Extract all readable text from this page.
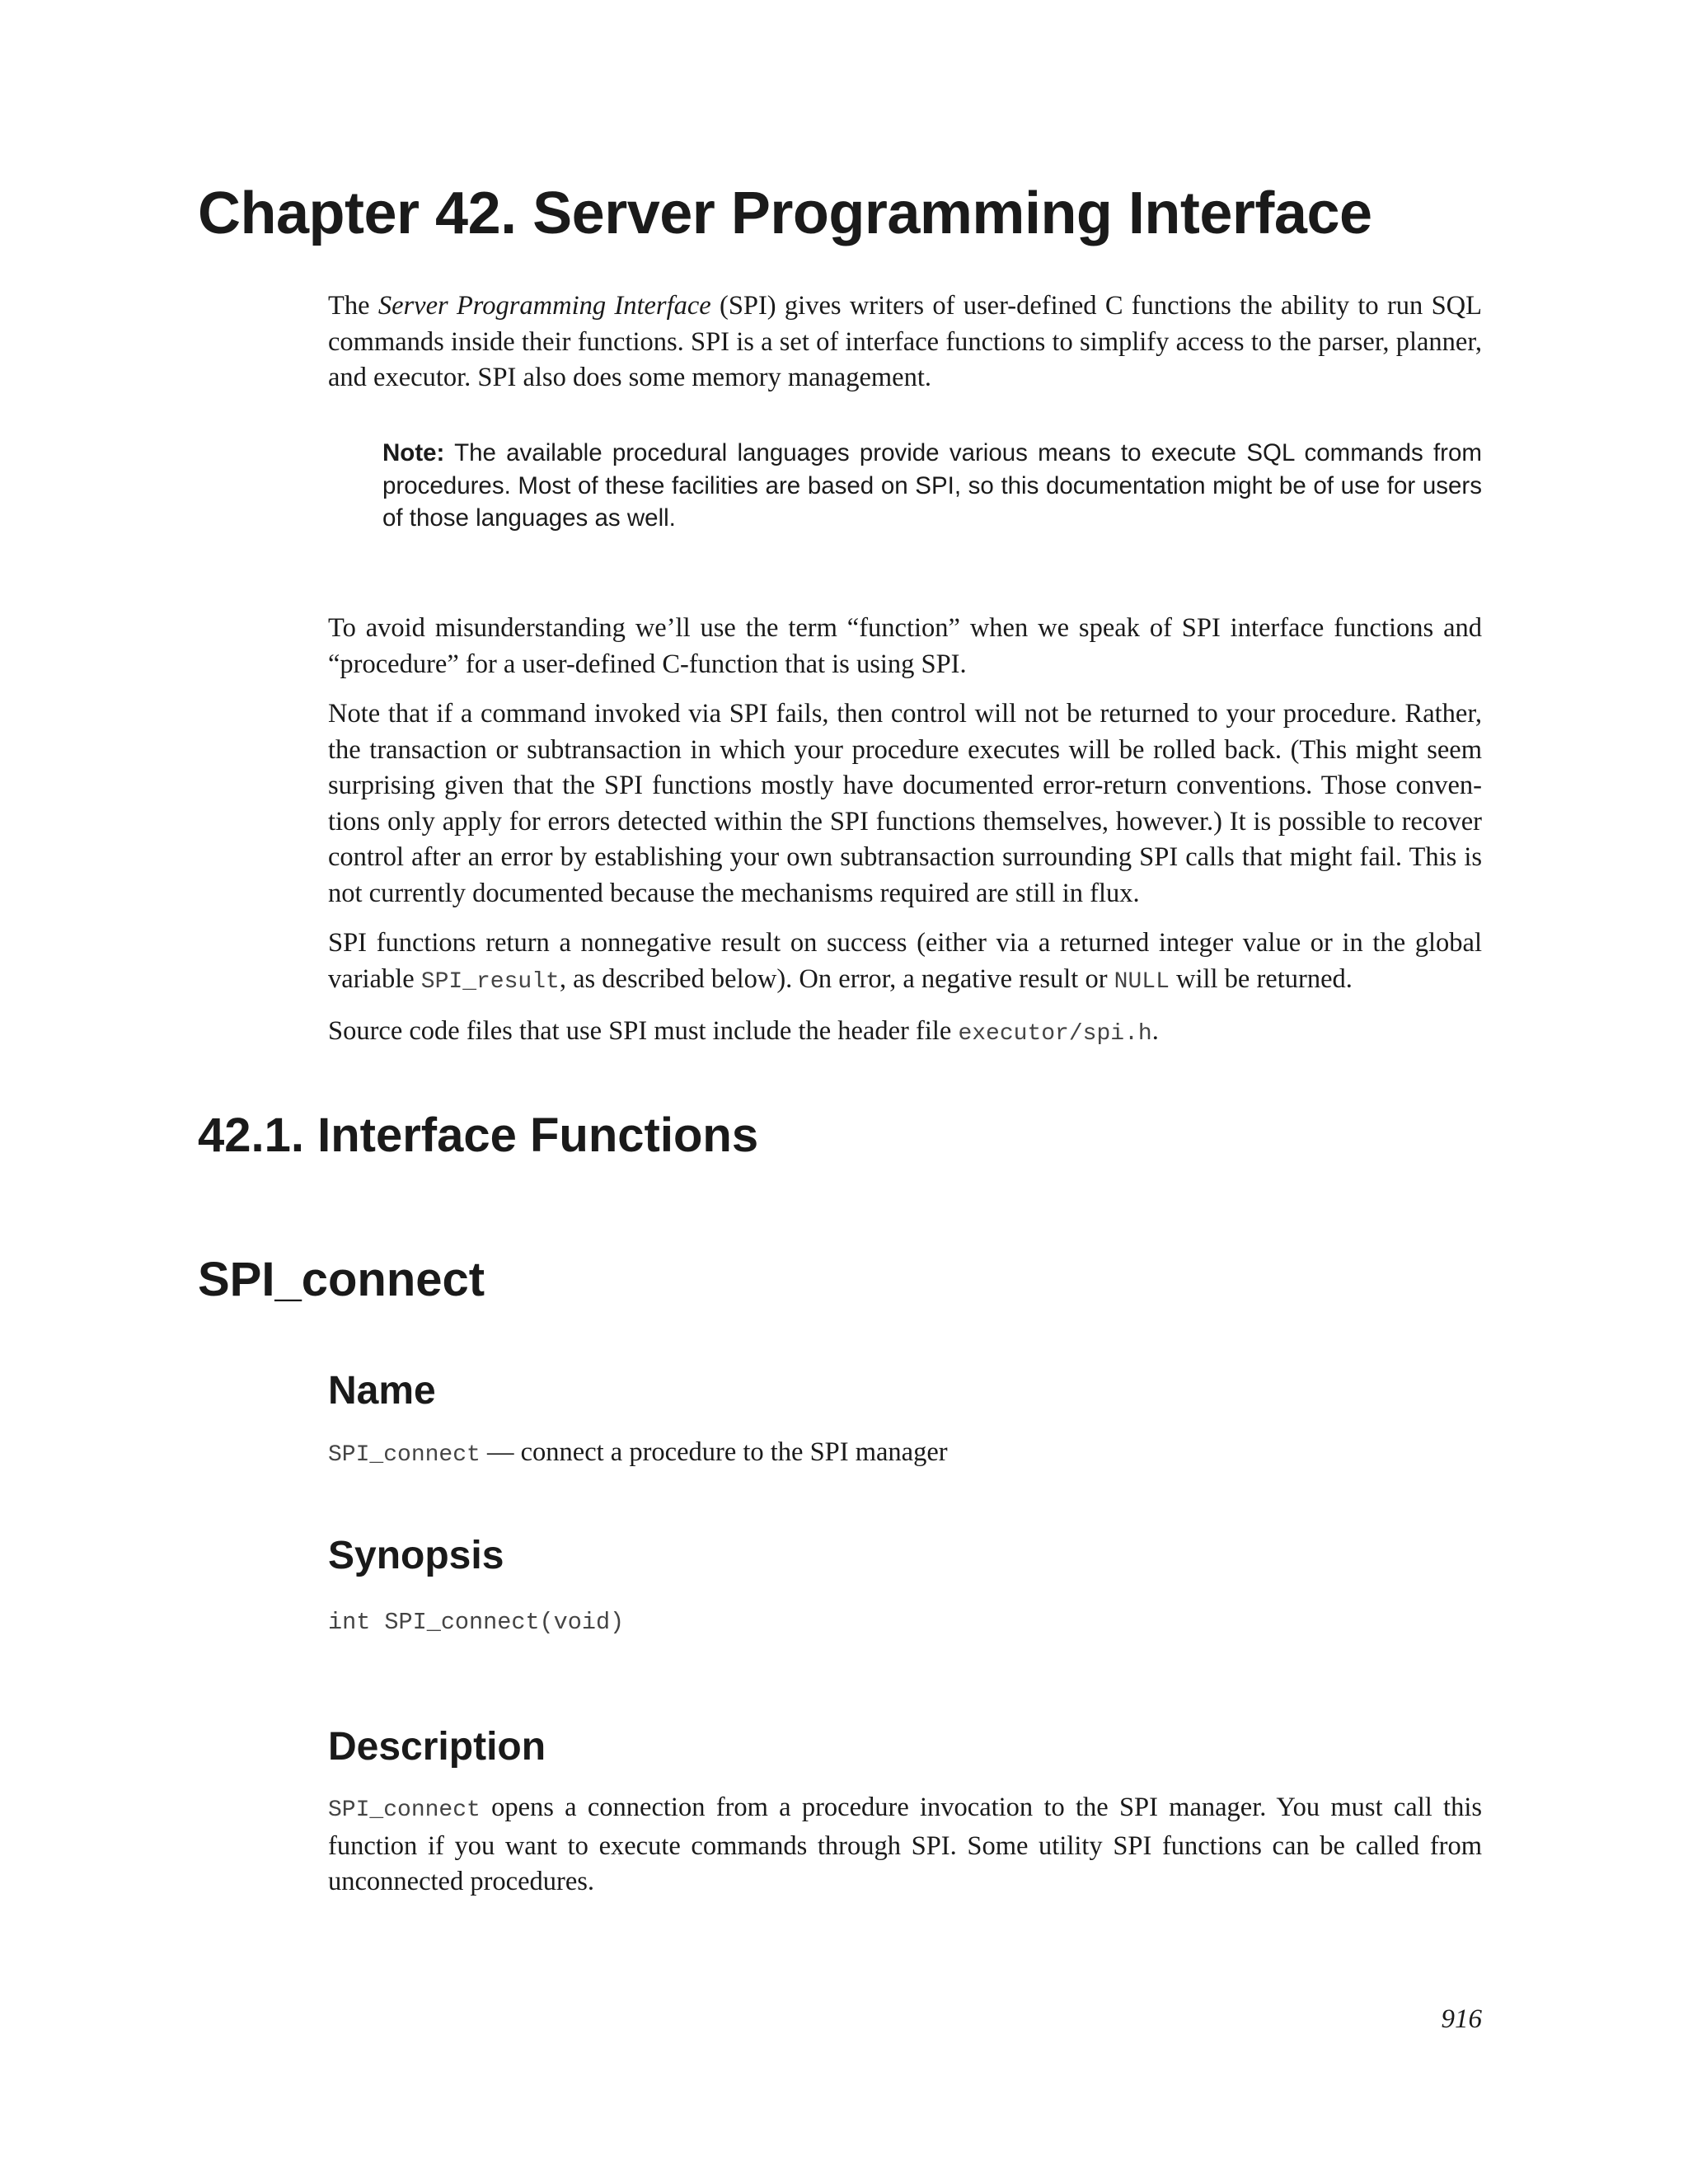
Chapter 42. Server Programming Interface

The Server Programming Interface (SPI) gives writers of user-defined C functions the ability to run SQL commands inside their functions. SPI is a set of interface functions to simplify access to the parser, planner, and executor. SPI also does some memory management.

Note: The available procedural languages provide various means to execute SQL commands from procedures. Most of these facilities are based on SPI, so this documentation might be of use for users of those languages as well.

To avoid misunderstanding we’ll use the term “function” when we speak of SPI interface functions and “procedure” for a user-defined C-function that is using SPI.

Note that if a command invoked via SPI fails, then control will not be returned to your procedure. Rather, the transaction or subtransaction in which your procedure executes will be rolled back. (This might seem surprising given that the SPI functions mostly have documented error-return conventions. Those conven- tions only apply for errors detected within the SPI functions themselves, however.) It is possible to recover control after an error by establishing your own subtransaction surrounding SPI calls that might fail. This is not currently documented because the mechanisms required are still in flux.

SPI functions return a nonnegative result on success (either via a returned integer value or in the global variable SPI_result, as described below). On error, a negative result or NULL will be returned.

Source code files that use SPI must include the header file executor/spi.h.

42.1. Interface Functions
SPI_connect
Name
SPI_connect — connect a procedure to the SPI manager
Synopsis
int SPI_connect(void)
Description

SPI_connect opens a connection from a procedure invocation to the SPI manager. You must call this function if you want to execute commands through SPI. Some utility SPI functions can be called from unconnected procedures.

916
